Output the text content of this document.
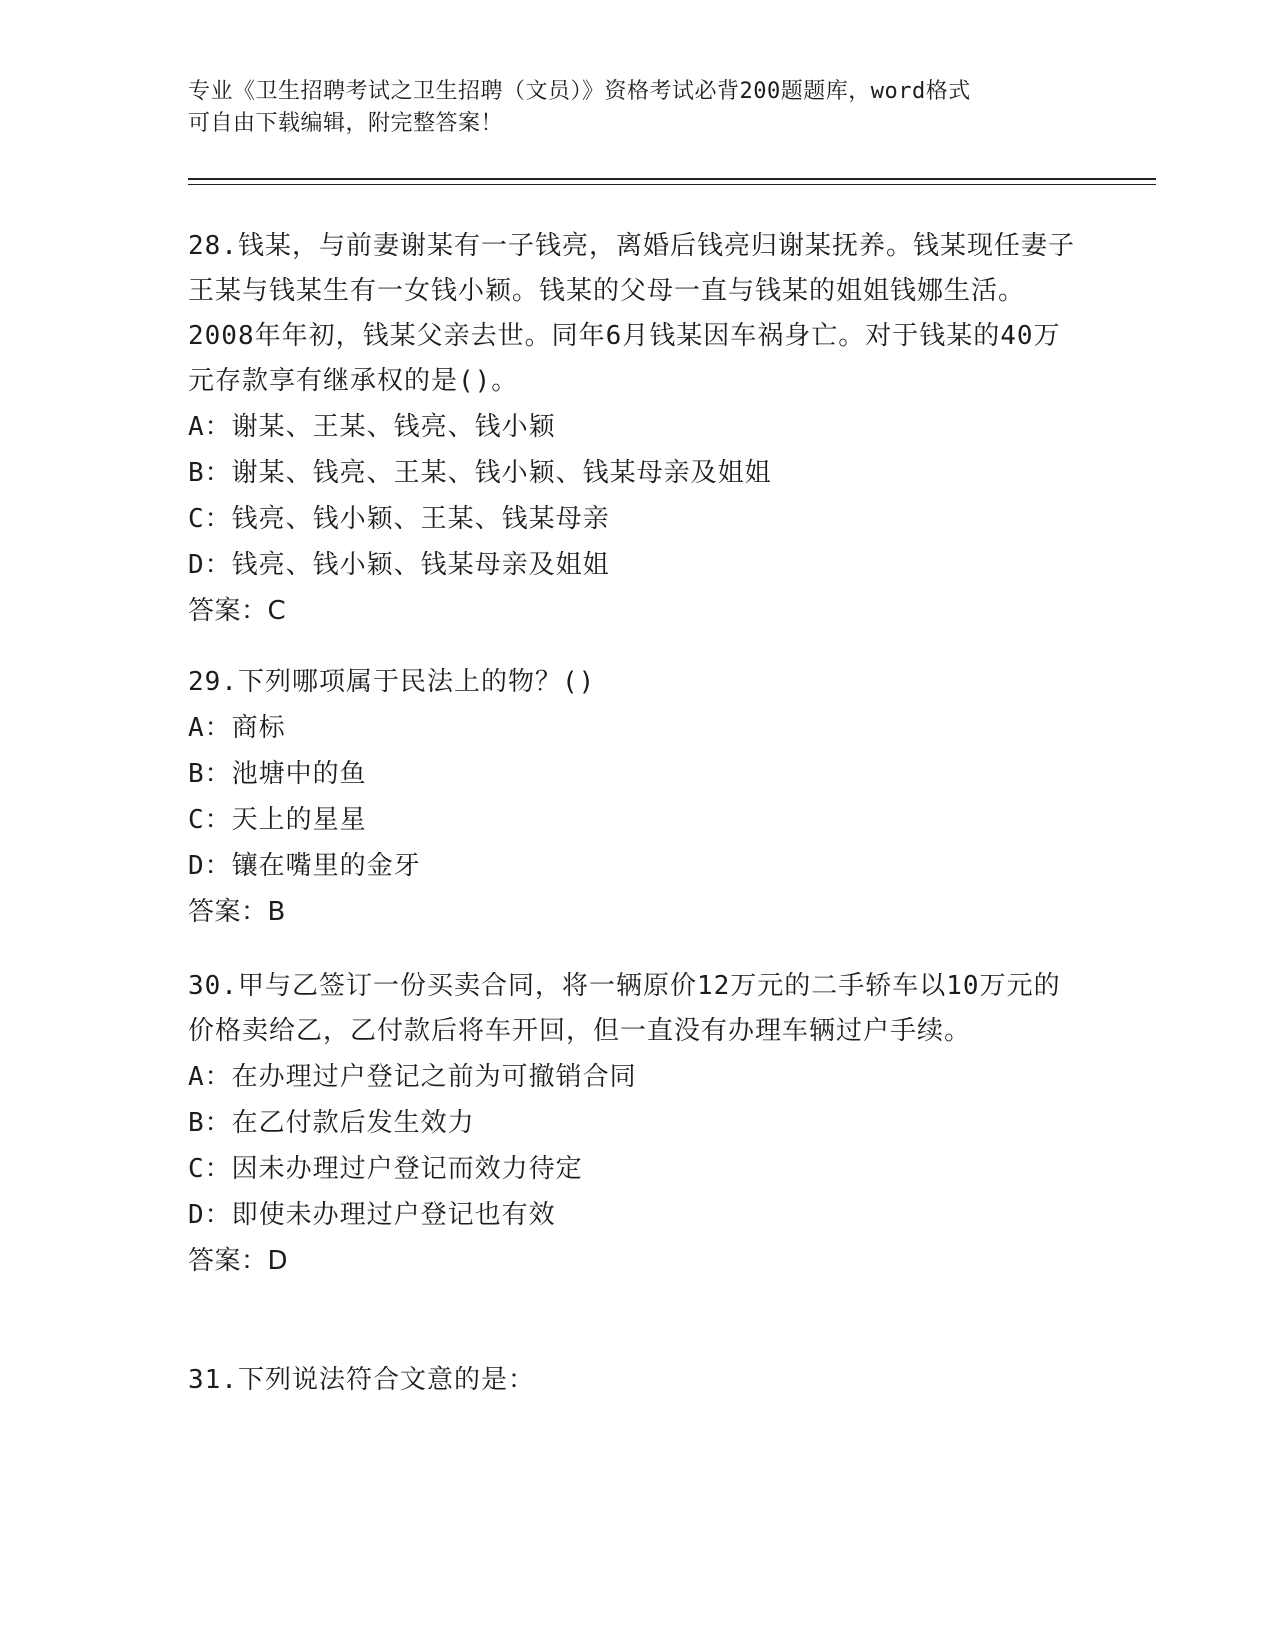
专业《卫生招聘考试之卫生招聘（文员）》资格考试必背200题题库，word格式
可自由下载编辑，附完整答案！
28.钱某，与前妻谢某有一子钱亮，离婚后钱亮归谢某抚养。钱某现任妻子王某与钱某生有一女钱小颖。钱某的父母一直与钱某的姐姐钱娜生活。2008年年初，钱某父亲去世。同年6月钱某因车祸身亡。对于钱某的40万元存款享有继承权的是()。
A：谢某、王某、钱亮、钱小颖
B：谢某、钱亮、王某、钱小颖、钱某母亲及姐姐
C：钱亮、钱小颖、王某、钱某母亲
D：钱亮、钱小颖、钱某母亲及姐姐
答案：C
29.下列哪项属于民法上的物？()
A：商标
B：池塘中的鱼
C：天上的星星
D：镶在嘴里的金牙
答案：B
30.甲与乙签订一份买卖合同，将一辆原价12万元的二手轿车以10万元的价格卖给乙，乙付款后将车开回，但一直没有办理车辆过户手续。
A：在办理过户登记之前为可撤销合同
B：在乙付款后发生效力
C：因未办理过户登记而效力待定
D：即使未办理过户登记也有效
答案：D
31.下列说法符合文意的是：
